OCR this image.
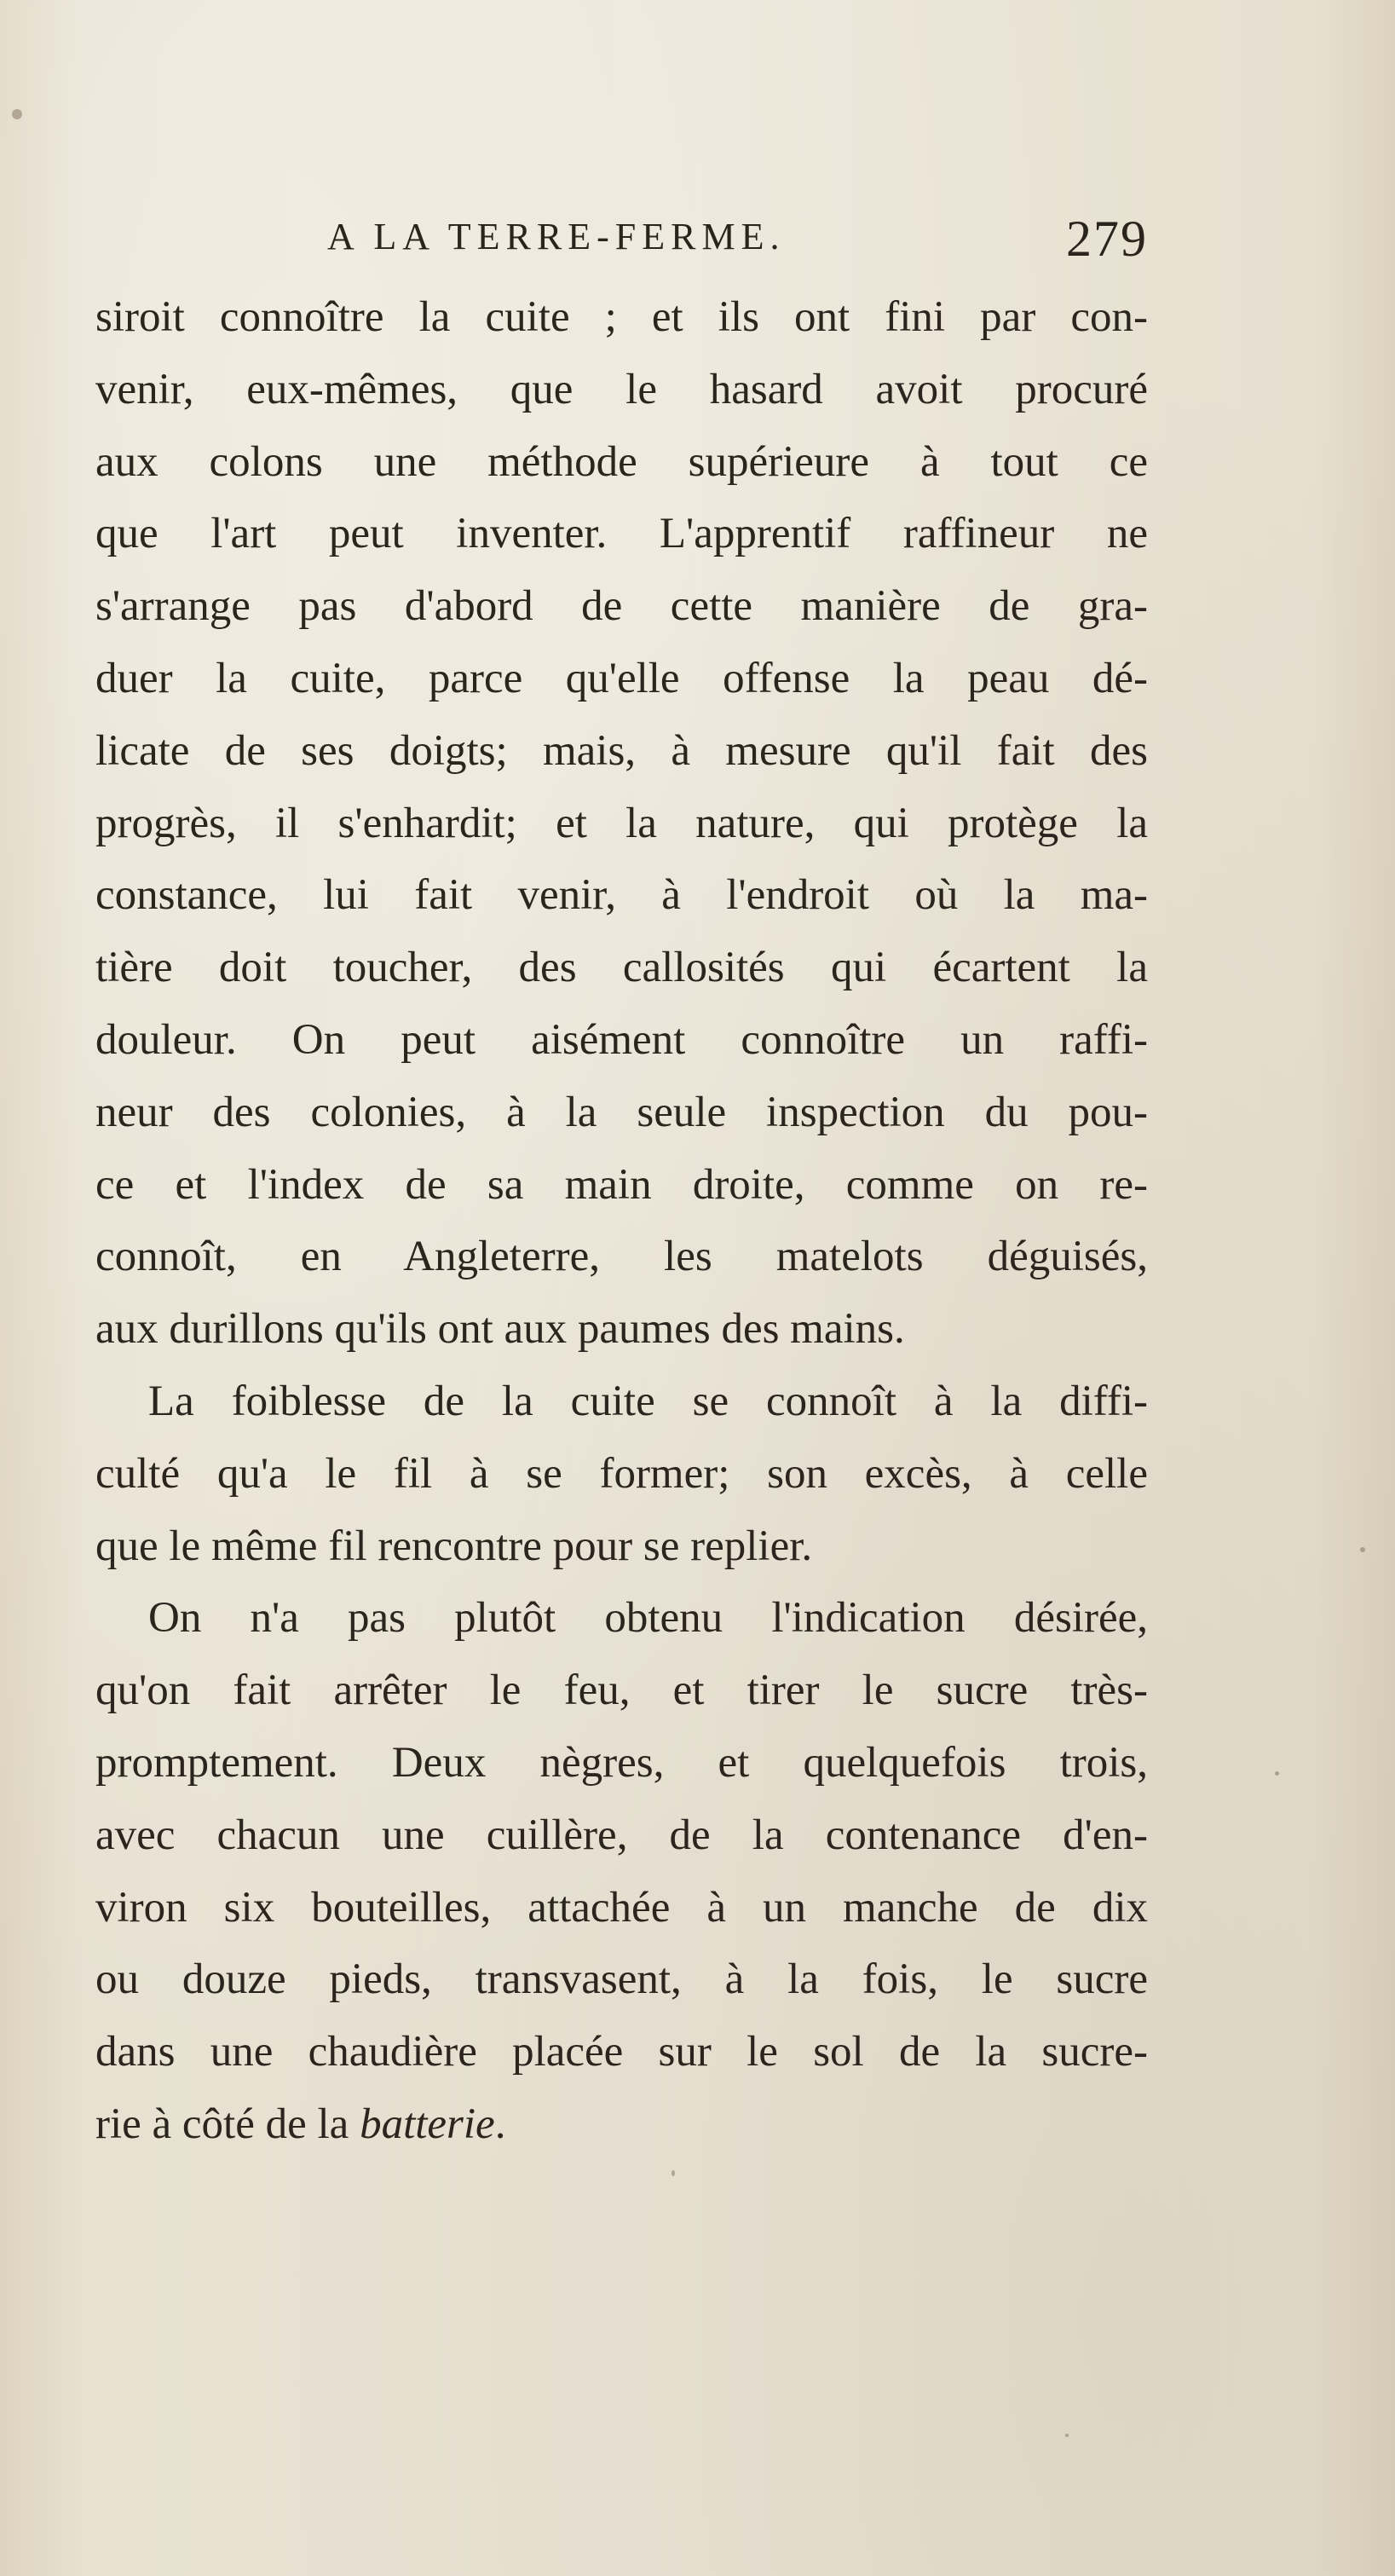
A LA TERRE-FERME.	279
siroit connoître la cuite ; et ils ont fini par con-
venir, eux-mêmes, que le hasard avoit procuré
aux colons une méthode supérieure à tout ce
que l'art peut inventer. L'apprentif raffineur ne
s'arrange pas d'abord de cette manière de gra-
duer la cuite, parce qu'elle offense la peau dé-
licate de ses doigts; mais, à mesure qu'il fait des
progrès, il s'enhardit; et la nature, qui protège la
constance, lui fait venir, à l'endroit où la ma-
tière doit toucher, des callosités qui écartent la
douleur. On peut aisément connoître un raffi-
neur des colonies, à la seule inspection du pou-
ce et l'index de sa main droite, comme on re-
connoît, en Angleterre, les matelots déguisés,
aux durillons qu'ils ont aux paumes des mains.
La foiblesse de la cuite se connoît à la diffi-
culté qu'a le fil à se former; son excès, à celle
que le même fil rencontre pour se replier.
On n'a pas plutôt obtenu l'indication désirée,
qu'on fait arrêter le feu, et tirer le sucre très-
promptement. Deux nègres, et quelquefois trois,
avec chacun une cuillère, de la contenance d'en-
viron six bouteilles, attachée à un manche de dix
ou douze pieds, transvasent, à la fois, le sucre
dans une chaudière placée sur le sol de la sucre-
rie à côté de la batterie.
